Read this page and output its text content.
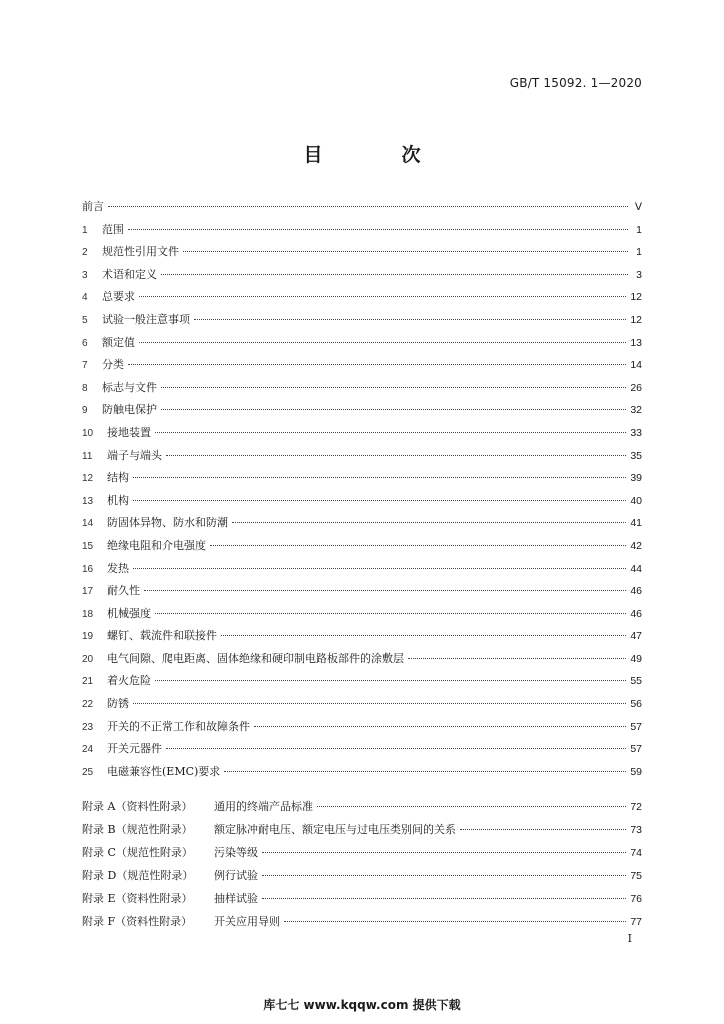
GB/T 15092. 1—2020
目　次
前言	Ⅴ
1	范围	1
2	规范性引用文件	1
3	术语和定义	3
4	总要求	12
5	试验一般注意事项	12
6	额定值	13
7	分类	14
8	标志与文件	26
9	防触电保护	32
10	接地装置	33
11	端子与端头	35
12	结构	39
13	机构	40
14	防固体异物、防水和防潮	41
15	绝缘电阻和介电强度	42
16	发热	44
17	耐久性	46
18	机械强度	46
19	螺钉、载流件和联接件	47
20	电气间隙、爬电距离、固体绝缘和硬印制电路板部件的涂敷层	49
21	着火危险	55
22	防锈	56
23	开关的不正常工作和故障条件	57
24	开关元器件	57
25	电磁兼容性(EMC)要求	59
附录 A（资料性附录）	通用的终端产品标准	72
附录 B（规范性附录）	额定脉冲耐电压、额定电压与过电压类别间的关系	73
附录 C（规范性附录）	污染等级	74
附录 D（规范性附录）	例行试验	75
附录 E（资料性附录）	抽样试验	76
附录 F（资料性附录）	开关应用导则	77
I
库七七 www.kqqw.com 提供下载
